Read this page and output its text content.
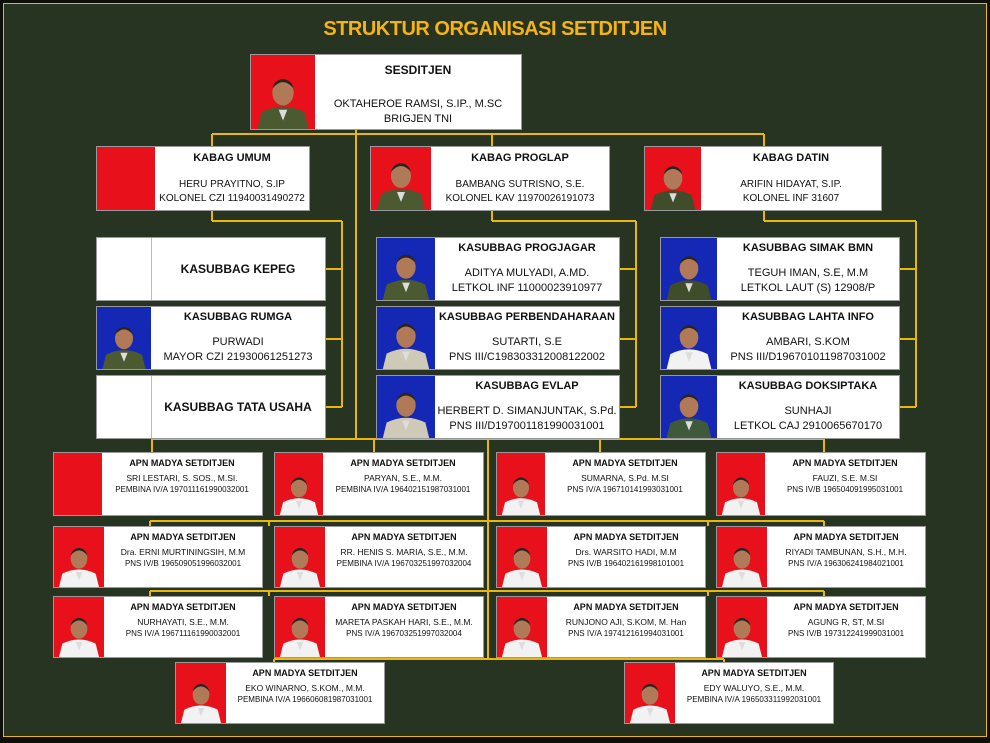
STRUKTUR ORGANISASI SETDITJEN
SESDITJEN
OKTAHEROE RAMSI, S.IP., M.SC
BRIGJEN TNI
KABAG UMUM
HERU PRAYITNO, S.IP
KOLONEL CZI 11940031490272
KABAG PROGLAP
BAMBANG SUTRISNO, S.E.
KOLONEL KAV 11970026191073
KABAG DATIN
ARIFIN HIDAYAT, S.IP.
KOLONEL INF 31607
KASUBBAG KEPEG
KASUBBAG RUMGA
PURWADI
MAYOR CZI 21930061251273
KASUBBAG TATA USAHA
KASUBBAG PROGJAGAR
ADITYA MULYADI, A.MD.
LETKOL INF 11000023910977
KASUBBAG PERBENDAHARAAN
SUTARTI, S.E
PNS III/C198303312008122002
KASUBBAG EVLAP
HERBERT D. SIMANJUNTAK, S.Pd.
PNS III/D197001181990031001
KASUBBAG SIMAK BMN
TEGUH IMAN, S.E, M.M
LETKOL LAUT (S) 12908/P
KASUBBAG LAHTA INFO
AMBARI, S.KOM
PNS III/D196701011987031002
KASUBBAG DOKSIPTAKA
SUNHAJI
LETKOL CAJ 2910065670170
APN MADYA SETDITJEN
SRI LESTARI, S. SOS., M.SI.
PEMBINA IV/A 197011161990032001
APN MADYA SETDITJEN
PARYAN, S.E., M.M.
PEMBINA IV/A 196402151987031001
APN MADYA SETDITJEN
SUMARNA, S.Pd. M.SI
PNS IV/A 196710141993031001
APN MADYA SETDITJEN
FAUZI, S.E. M.SI
PNS IV/B 196504091995031001
APN MADYA SETDITJEN
Dra. ERNI MURTININGSIH, M.M
PNS IV/B 196509051996032001
APN MADYA SETDITJEN
RR. HENIS S. MARIA, S.E., M.M.
PEMBINA IV/A 196703251997032004
APN MADYA SETDITJEN
Drs. WARSITO HADI, M.M
PNS IV/B 196402161998101001
APN MADYA SETDITJEN
RIYADI TAMBUNAN, S.H., M.H.
PNS IV/A 196306241984021001
APN MADYA SETDITJEN
NURHAYATI, S.E., M.M.
PNS IV/A 196711161990032001
APN MADYA SETDITJEN
MARETA PASKAH HARI, S.E., M.M.
PNS IV/A 196703251997032004
APN MADYA SETDITJEN
RUNJONO AJI, S.KOM, M. Han
PNS IV/A 197412161994031001
APN MADYA SETDITJEN
AGUNG R, ST, M.SI
PNS IV/B 197312241999031001
APN MADYA SETDITJEN
EKO WINARNO, S.KOM., M.M.
PEMBINA IV/A 196606081987031001
APN MADYA SETDITJEN
EDY WALUYO, S.E., M.M.
PEMBINA IV/A 196503311992031001
